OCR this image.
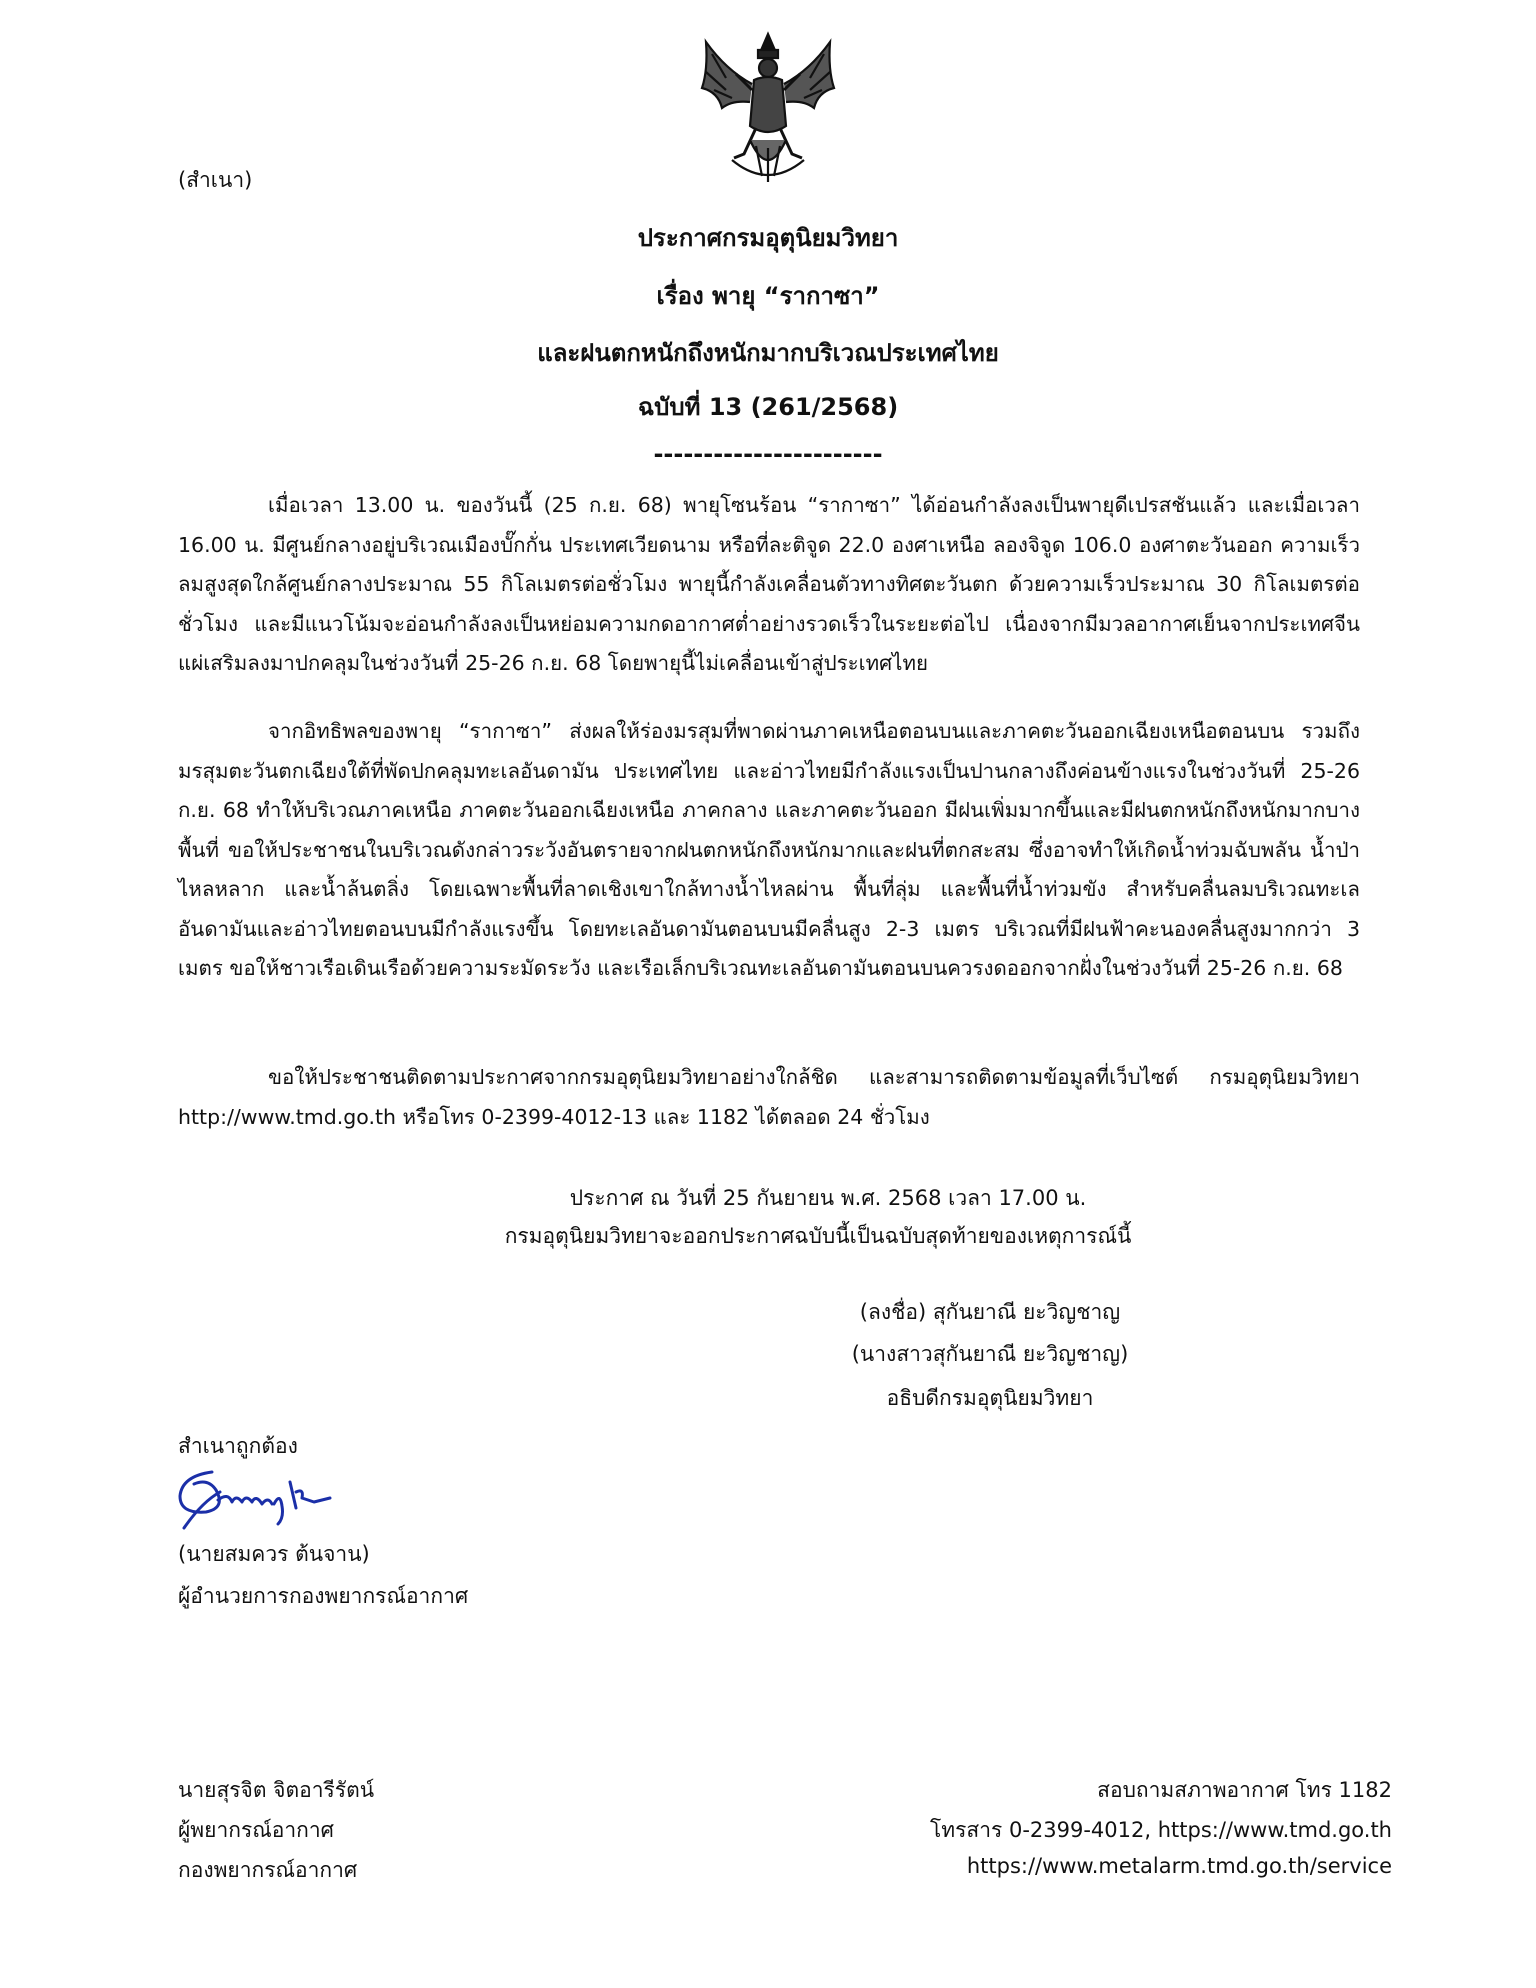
(สำเนา)
ประกาศกรมอุตุนิยมวิทยา
เรื่อง พายุ “รากาซา”
และฝนตกหนักถึงหนักมากบริเวณประเทศไทย
ฉบับที่ 13 (261/2568)
-----------------------

เมื่อเวลา 13.00 น. ของวันนี้ (25 ก.ย. 68) พายุโซนร้อน “รากาซา” ได้อ่อนกำลังลงเป็นพายุดีเปรสชันแล้ว และเมื่อเวลา 16.00 น. มีศูนย์กลางอยู่บริเวณเมืองบั๊กกั่น ประเทศเวียดนาม หรือที่ละติจูด 22.0 องศาเหนือ ลองจิจูด 106.0 องศาตะวันออก ความเร็วลมสูงสุดใกล้ศูนย์กลางประมาณ 55 กิโลเมตรต่อชั่วโมง พายุนี้กำลังเคลื่อนตัวทางทิศตะวันตก ด้วยความเร็วประมาณ 30 กิโลเมตรต่อชั่วโมง และมีแนวโน้มจะอ่อนกำลังลงเป็นหย่อมความกดอากาศต่ำอย่างรวดเร็วในระยะต่อไป เนื่องจากมีมวลอากาศเย็นจากประเทศจีนแผ่เสริมลงมาปกคลุมในช่วงวันที่ 25-26 ก.ย. 68 โดยพายุนี้ไม่เคลื่อนเข้าสู่ประเทศไทย

จากอิทธิพลของพายุ “รากาซา” ส่งผลให้ร่องมรสุมที่พาดผ่านภาคเหนือตอนบนและภาคตะวันออกเฉียงเหนือตอนบน รวมถึงมรสุมตะวันตกเฉียงใต้ที่พัดปกคลุมทะเลอันดามัน ประเทศไทย และอ่าวไทยมีกำลังแรงเป็นปานกลางถึงค่อนข้างแรงในช่วงวันที่ 25-26 ก.ย. 68 ทำให้บริเวณภาคเหนือ ภาคตะวันออกเฉียงเหนือ ภาคกลาง และภาคตะวันออก มีฝนเพิ่มมากขึ้นและมีฝนตกหนักถึงหนักมากบางพื้นที่ ขอให้ประชาชนในบริเวณดังกล่าวระวังอันตรายจากฝนตกหนักถึงหนักมากและฝนที่ตกสะสม ซึ่งอาจทำให้เกิดน้ำท่วมฉับพลัน น้ำป่าไหลหลาก และน้ำล้นตลิ่ง โดยเฉพาะพื้นที่ลาดเชิงเขาใกล้ทางน้ำไหลผ่าน พื้นที่ลุ่ม และพื้นที่น้ำท่วมขัง สำหรับคลื่นลมบริเวณทะเลอันดามันและอ่าวไทยตอนบนมีกำลังแรงขึ้น โดยทะเลอันดามันตอนบนมีคลื่นสูง 2-3 เมตร บริเวณที่มีฝนฟ้าคะนองคลื่นสูงมากกว่า 3 เมตร ขอให้ชาวเรือเดินเรือด้วยความระมัดระวัง และเรือเล็กบริเวณทะเลอันดามันตอนบนควรงดออกจากฝั่งในช่วงวันที่ 25-26 ก.ย. 68

ขอให้ประชาชนติดตามประกาศจากกรมอุตุนิยมวิทยาอย่างใกล้ชิด และสามารถติดตามข้อมูลที่เว็บไซต์ กรมอุตุนิยมวิทยา http://www.tmd.go.th หรือโทร 0-2399-4012-13 และ 1182 ได้ตลอด 24 ชั่วโมง

ประกาศ ณ วันที่ 25 กันยายน พ.ศ. 2568 เวลา 17.00 น.
กรมอุตุนิยมวิทยาจะออกประกาศฉบับนี้เป็นฉบับสุดท้ายของเหตุการณ์นี้
(ลงชื่อ) สุกันยาณี ยะวิญชาญ
(นางสาวสุกันยาณี ยะวิญชาญ)
อธิบดีกรมอุตุนิยมวิทยา
สำเนาถูกต้อง
(นายสมควร ต้นจาน)
ผู้อำนวยการกองพยากรณ์อากาศ
นายสุรจิต จิตอารีรัตน์
ผู้พยากรณ์อากาศ
กองพยากรณ์อากาศ
สอบถามสภาพอากาศ โทร 1182
โทรสาร 0-2399-4012, https://www.tmd.go.th
https://www.metalarm.tmd.go.th/service
